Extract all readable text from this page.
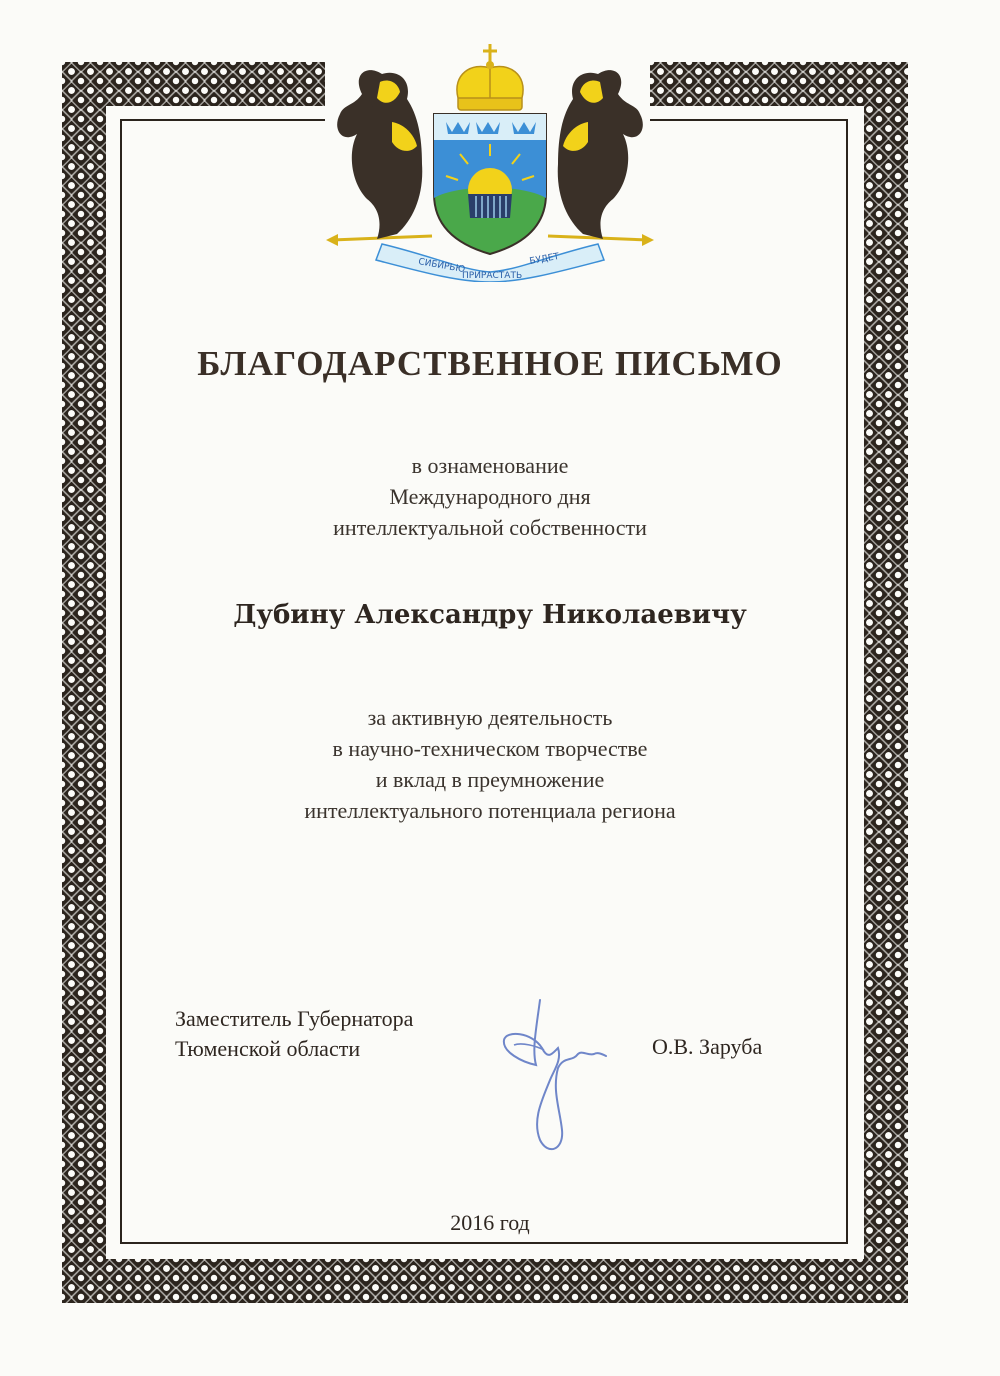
СИБИРЬЮ
ПРИРАСТАТЬ
БУДЕТ
БЛАГОДАРСТВЕННОЕ ПИСЬМО
в ознаменование
Международного дня
интеллектуальной собственности
Дубину Александру Николаевичу
за активную деятельность
в научно-техническом творчестве
и вклад в преумножение
интеллектуального потенциала региона
Заместитель Губернатора
Тюменской области	О.В. Заруба
2016 год
